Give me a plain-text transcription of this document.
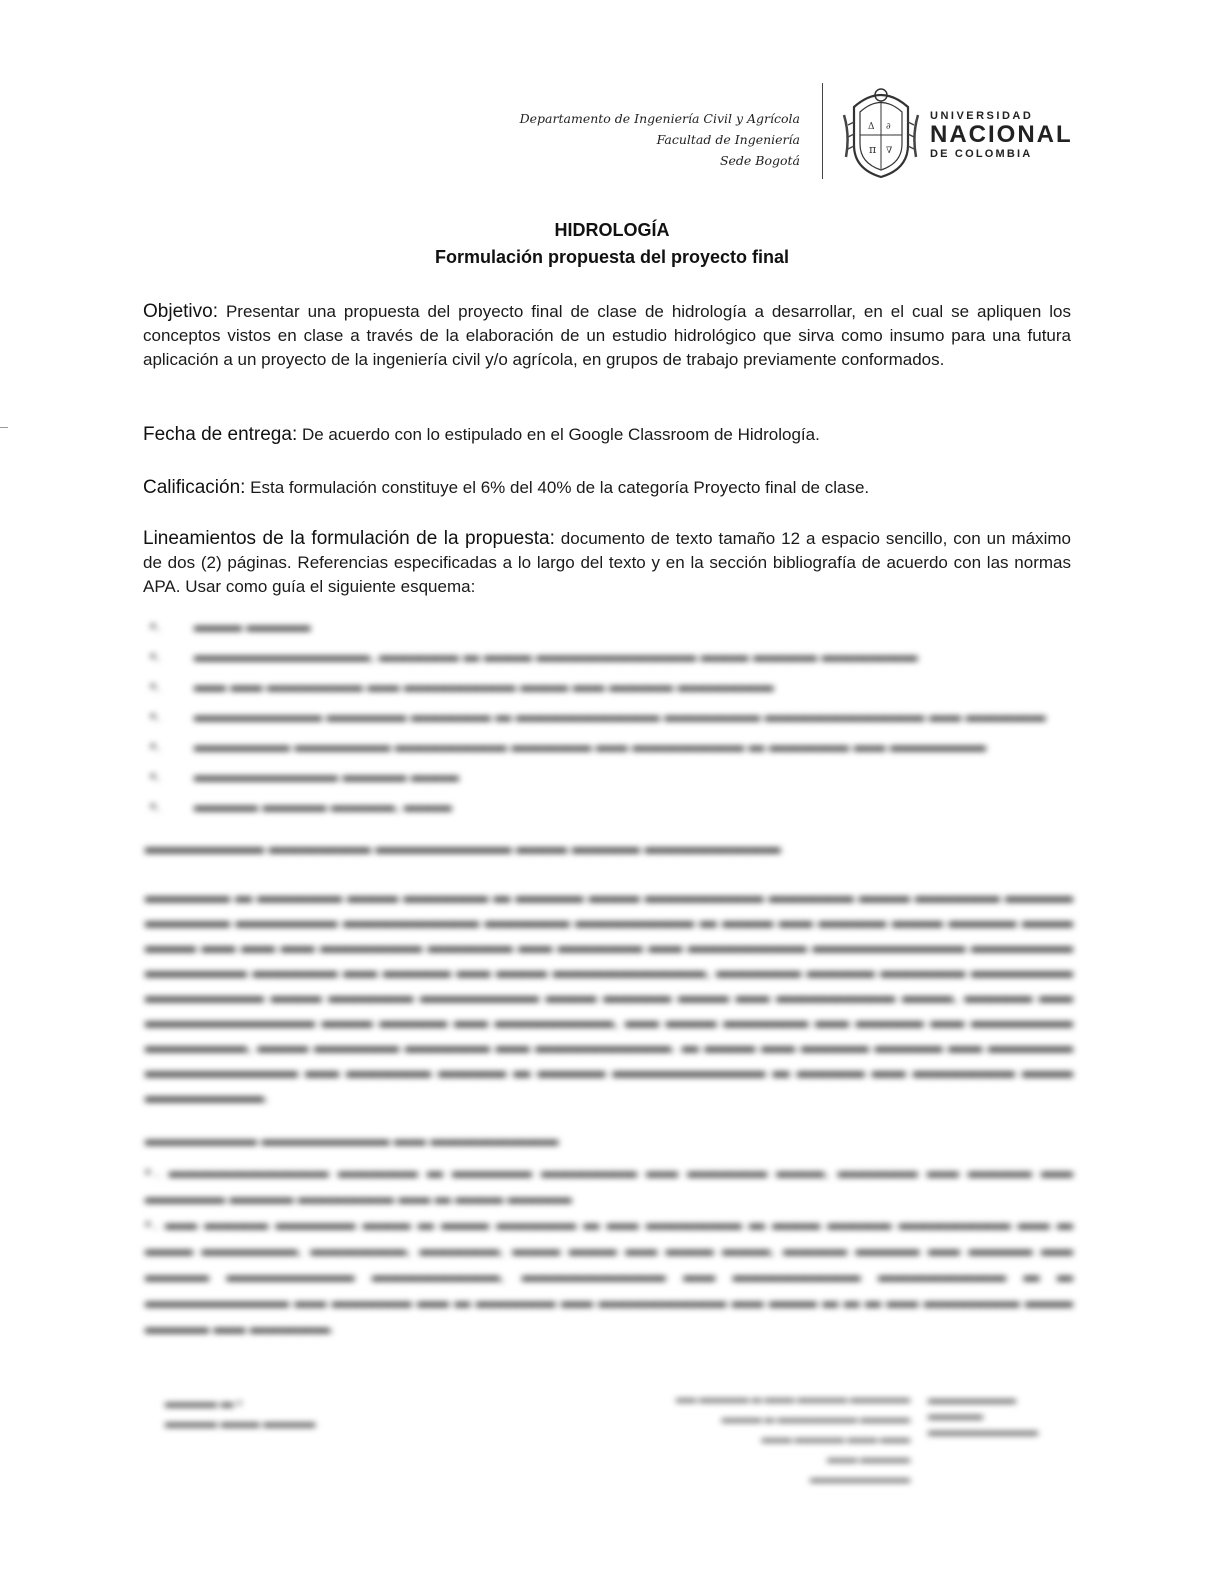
Departamento de Ingeniería Civil y Agrícola
Facultad de Ingeniería
Sede Bogotá
Δ ∂
π ∇
UNIVERSIDAD
NACIONAL
DE COLOMBIA
HIDROLOGÍA
Formulación propuesta del proyecto final
Objetivo: Presentar una propuesta del proyecto final de clase de hidrología a desarrollar, en el cual se apliquen los conceptos vistos en clase a través de la elaboración de un estudio hidrológico que sirva como insumo para una futura aplicación a un proyecto de la ingeniería civil y/o agrícola, en grupos de trabajo previamente conformados.
Fecha de entrega: De acuerdo con lo estipulado en el Google Classroom de Hidrología.
Calificación: Esta formulación constituye el 6% del 40% de la categoría Proyecto final de clase.
Lineamientos de la formulación de la propuesta: documento de texto tamaño 12 a espacio sencillo, con un máximo de dos (2) páginas. Referencias especificadas a lo largo del texto y en la sección bibliografía de acuerdo con las normas APA. Usar como guía el siguiente esquema:
▪.	▬▬▬ ▬▬▬▬
▪.	▬▬▬▬▬▬▬▬▬▬▬, ▬▬▬▬▬ ▬ ▬▬▬ ▬▬▬▬▬▬▬▬▬▬ ▬▬▬ ▬▬▬▬ ▬▬▬▬▬▬
▪.	▬▬ ▬▬ ▬▬▬▬▬▬ ▬▬ ▬▬▬▬▬▬▬ ▬▬▬ ▬▬ ▬▬▬▬ ▬▬▬▬▬▬
▪.	▬▬▬▬▬▬▬▬ ▬▬▬▬▬ ▬▬▬▬▬ ▬ ▬▬▬▬▬▬▬▬▬ ▬▬▬▬▬▬ ▬▬▬▬▬▬▬▬▬▬ ▬▬ ▬▬▬▬▬
▪.	▬▬▬▬▬▬ ▬▬▬▬▬▬ ▬▬▬▬▬▬▬ ▬▬▬▬▬ ▬▬ ▬▬▬▬▬▬▬ ▬ ▬▬▬▬▬ ▬▬ ▬▬▬▬▬▬
▪.	▬▬▬▬▬▬▬▬▬ ▬▬▬▬ ▬▬▬
▪.	▬▬▬▬ ▬▬▬▬ ▬▬▬▬, ▬▬▬
▬▬▬▬▬▬▬ ▬▬▬▬▬▬ ▬▬▬▬▬▬▬▬ ▬▬▬ ▬▬▬▬ ▬▬▬▬▬▬▬▬
▬▬▬▬▬ ▬ ▬▬▬▬▬ ▬▬▬ ▬▬▬▬▬ ▬ ▬▬▬▬ ▬▬▬ ▬▬▬▬▬▬▬ ▬▬▬▬▬ ▬▬▬ ▬▬▬▬▬ ▬▬▬▬ ▬▬▬▬▬ ▬▬▬▬▬▬ ▬▬▬▬▬▬▬▬ ▬▬▬▬▬ ▬▬▬▬▬▬▬ ▬ ▬▬▬ ▬▬ ▬▬▬▬ ▬▬▬ ▬▬▬▬ ▬▬▬ ▬▬▬ ▬▬ ▬▬ ▬▬ ▬▬▬▬▬▬ ▬▬▬▬▬ ▬▬ ▬▬▬▬▬ ▬▬ ▬▬▬▬▬▬▬ ▬▬▬▬▬▬▬▬▬ ▬▬▬▬▬▬ ▬▬▬▬▬▬ ▬▬▬▬▬ ▬▬ ▬▬▬▬ ▬▬ ▬▬▬ ▬▬▬▬▬▬▬▬▬, ▬▬▬▬▬ ▬▬▬▬ ▬▬▬▬▬ ▬▬▬▬▬▬ ▬▬▬▬▬▬▬ ▬▬▬ ▬▬▬▬▬ ▬▬▬▬▬▬▬ ▬▬▬ ▬▬▬▬ ▬▬▬ ▬▬ ▬▬▬▬▬▬▬ ▬▬▬, ▬▬▬▬ ▬▬ ▬▬▬▬▬▬▬▬▬▬ ▬▬▬ ▬▬▬▬ ▬▬ ▬▬▬▬▬▬▬, ▬▬ ▬▬▬ ▬▬▬▬▬ ▬▬ ▬▬▬▬ ▬▬ ▬▬▬▬▬▬ ▬▬▬▬▬▬, ▬▬▬ ▬▬▬▬▬ ▬▬▬▬▬ ▬▬ ▬▬▬▬▬▬▬▬. ▬ ▬▬▬ ▬▬ ▬▬▬▬ ▬▬▬▬ ▬▬ ▬▬▬▬▬ ▬▬▬▬▬▬▬▬▬ ▬▬ ▬▬▬▬▬ ▬▬▬▬ ▬ ▬▬▬▬ ▬▬▬▬▬▬▬▬▬ ▬ ▬▬▬▬ ▬▬ ▬▬▬▬▬▬ ▬▬▬ ▬▬▬▬▬▬▬.
▬▬▬▬▬▬▬ ▬▬▬▬▬▬▬▬ ▬▬ ▬▬▬▬▬▬▬▬
▪. ▬▬▬▬▬▬▬▬▬▬ ▬▬▬▬▬ ▬ ▬▬▬▬▬ ▬▬▬▬▬▬ ▬▬ ▬▬▬▬▬ ▬▬▬, ▬▬▬▬▬ ▬▬ ▬▬▬▬ ▬▬ ▬▬▬▬▬ ▬▬▬▬ ▬▬▬▬▬▬ ▬▬ ▬ ▬▬▬ ▬▬▬▬
▪. ▬▬ ▬▬▬▬ ▬▬▬▬▬ ▬▬▬ ▬ ▬▬▬ ▬▬▬▬▬ ▬ ▬▬ ▬▬▬▬▬▬ ▬ ▬▬▬ ▬▬▬▬ ▬▬▬▬▬▬▬ ▬▬ ▬ ▬▬▬ ▬▬▬▬▬▬, ▬▬▬▬▬▬, ▬▬▬▬▬, ▬▬▬ ▬▬▬ ▬▬ ▬▬▬ ▬▬▬, ▬▬▬▬ ▬▬▬▬ ▬▬ ▬▬▬▬ ▬▬ ▬▬▬▬ ▬▬▬▬▬▬▬▬ ▬▬▬▬▬▬▬▬, ▬▬▬▬▬▬▬▬▬ ▬▬ ▬▬▬▬▬▬▬▬ ▬▬▬▬▬▬▬▬ ▬ ▬ ▬▬▬▬▬▬▬▬▬ ▬▬ ▬▬▬▬▬ ▬▬ ▬ ▬▬▬▬▬ ▬▬ ▬▬▬▬▬▬▬▬ ▬▬ ▬▬▬ ▬ ▬ ▬ ▬▬ ▬▬▬▬▬▬ ▬▬▬ ▬▬▬▬ ▬▬ ▬▬▬▬▬.
▬▬▬▬ ▬ ▪
▬▬▬▬ ▬▬▬ ▬▬▬▬
▬▬ ▬▬▬▬▬ ▬ ▬▬▬ ▬▬▬▬▬ ▬▬▬▬▬▬
▬▬▬▬ ▬ ▬▬▬▬▬▬▬▬ ▬▬▬▬▬
▬▬▬ ▬▬▬▬▬ ▬▬▬ ▬▬▬
▬▬▬ ▬▬▬▬▬
▬▬▬▬▬▬▬▬▬▬
▬▬▬▬▬▬▬▬
▬▬▬▬▬
▬▬▬▬▬▬▬▬▬▬
